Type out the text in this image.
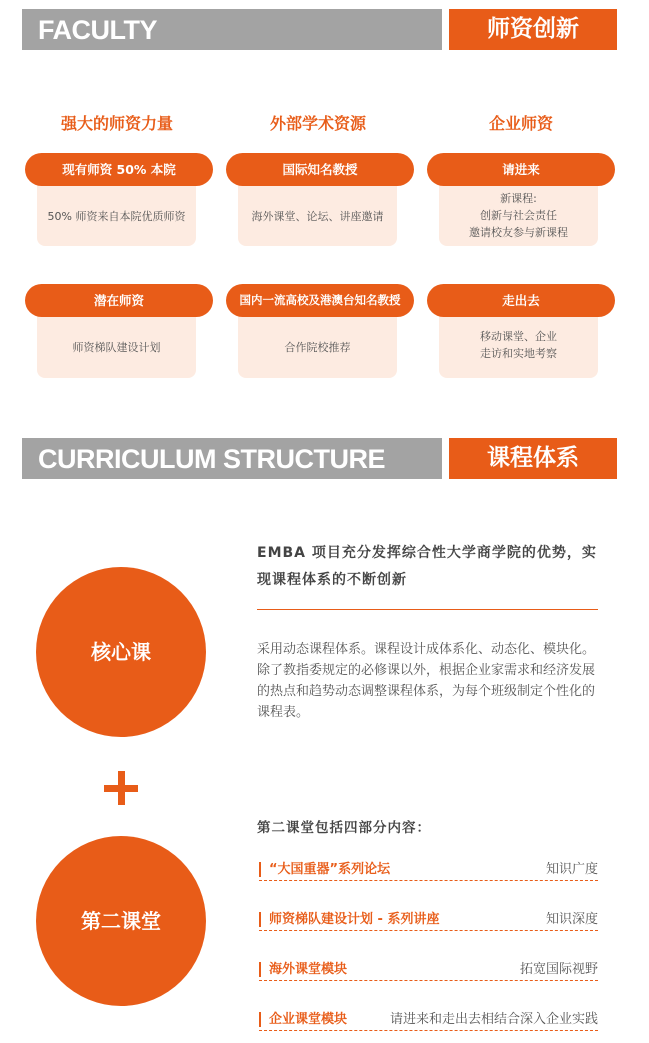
FACULTY	师资创新
强大的师资力量	外部学术资源	企业师资
50% 师资来自本院优质师资
现有师资 50% 本院
海外课堂、论坛、讲座邀请
国际知名教授
新课程:
创新与社会责任
邀请校友参与新课程
请进来
师资梯队建设计划
潜在师资
合作院校推荐
国内一流高校及港澳台知名教授
移动课堂、企业
走访和实地考察
走出去
CURRICULUM STRUCTURE	课程体系
核心课
第二课堂
EMBA 项目充分发挥综合性大学商学院的优势，实现课程体系的不断创新
采用动态课程体系。课程设计成体系化、动态化、模块化。除了教指委规定的必修课以外，根据企业家需求和经济发展的热点和趋势动态调整课程体系，为每个班级制定个性化的课程表。
第二课堂包括四部分内容：
“大国重器”系列论坛	知识广度
师资梯队建设计划 - 系列讲座	知识深度
海外课堂模块	拓宽国际视野
企业课堂模块	请进来和走出去相结合深入企业实践
